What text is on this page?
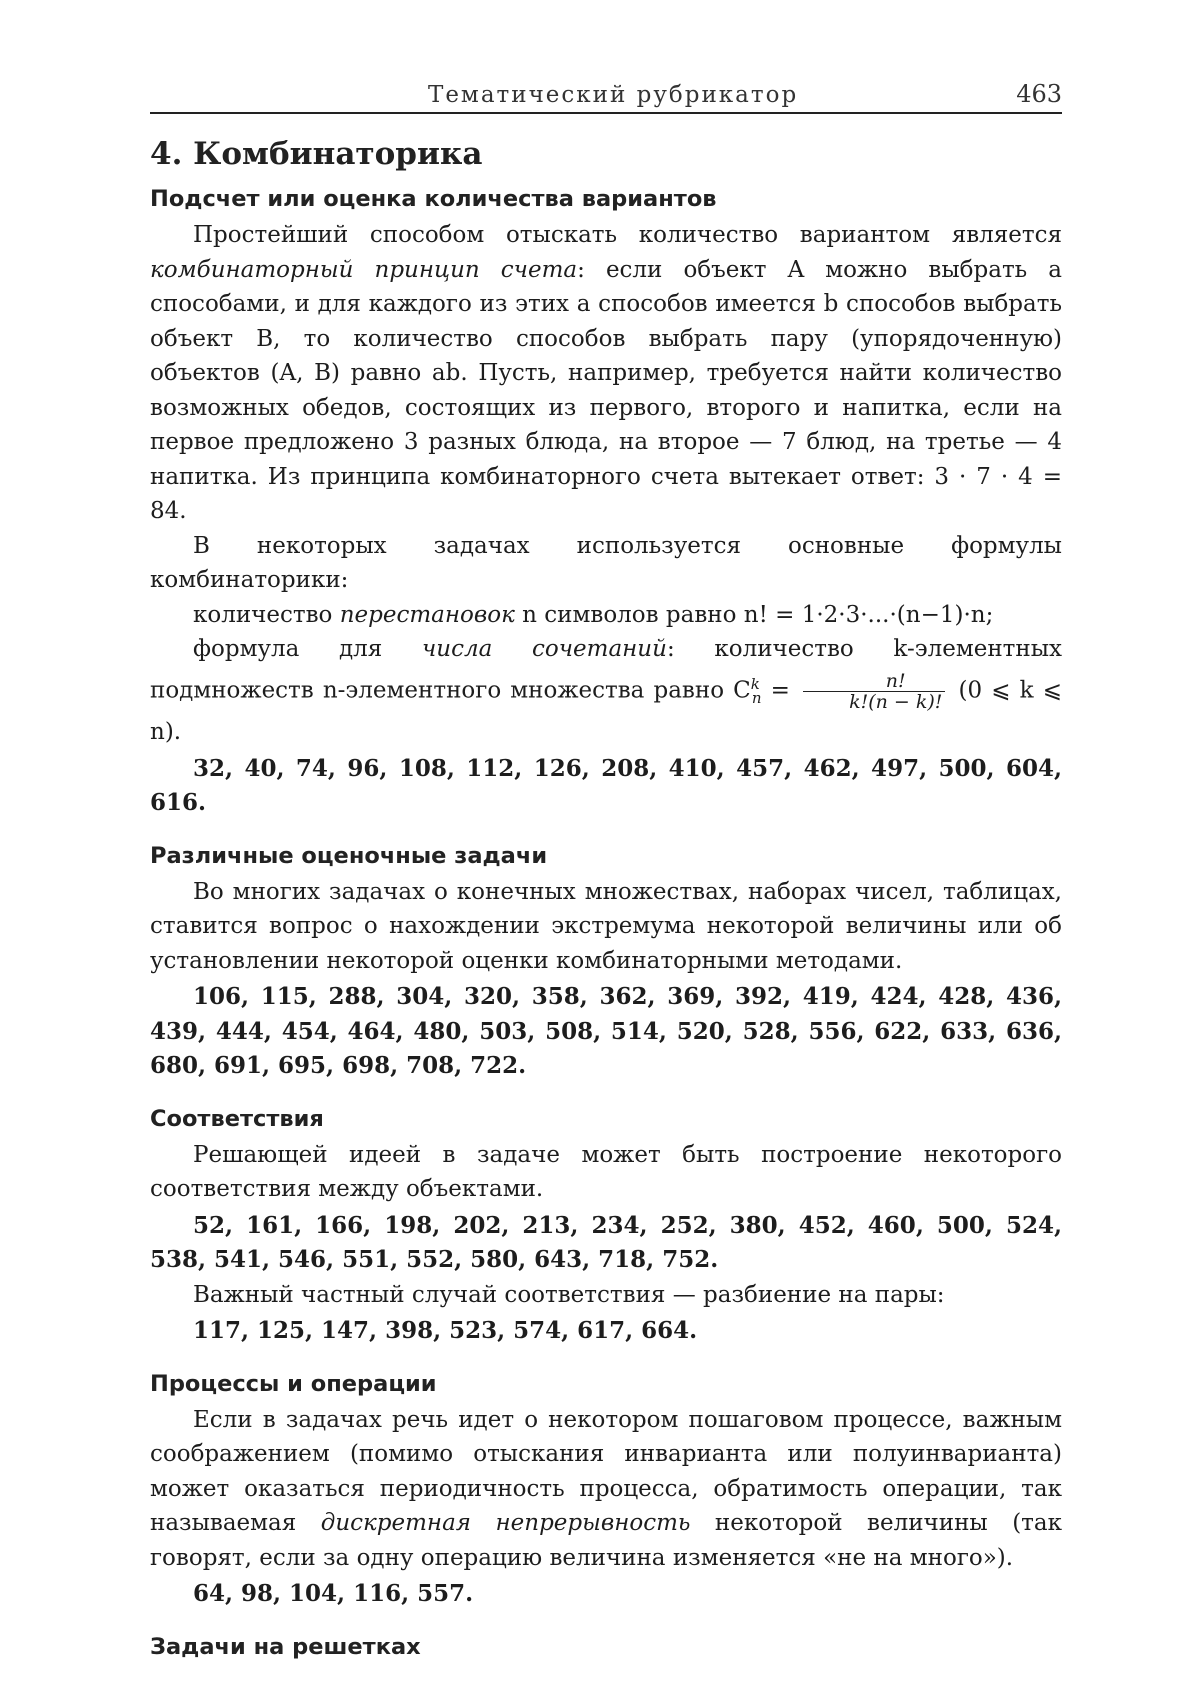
Тематический рубрикатор	463
4. Комбинаторика
Подсчет или оценка количества вариантов

Простейший способом отыскать количество вариантом является комбинаторный принцип счета: если объект A можно выбрать a способами, и для каждого из этих a способов имеется b способов выбрать объект B, то количество способов выбрать пару (упорядоченную) объектов (A, B) равно ab. Пусть, например, требуется найти количество возможных обедов, состоящих из первого, второго и напитка, если на первое предложено 3 разных блюда, на второе — 7 блюд, на третье — 4 напитка. Из принципа комбинаторного счета вытекает ответ: 3 · 7 · 4 = 84.

В некоторых задачах используется основные формулы комбинаторики:

количество перестановок n символов равно n! = 1·2·3·...·(n−1)·n;

формула для числа сочетаний: количество k-элементных подмножеств n-элементного множества равно $C^k_n = \frac{n!}{k!(n - k)!} (0$ ⩽ k ⩽ n).

32, 40, 74, 96, 108, 112, 126, 208, 410, 457, 462, 497, 500, 604, 616.

Различные оценочные задачи

Во многих задачах о конечных множествах, наборах чисел, таблицах, ставится вопрос о нахождении экстремума некоторой величины или об установлении некоторой оценки комбинаторными методами.

106, 115, 288, 304, 320, 358, 362, 369, 392, 419, 424, 428, 436, 439, 444, 454, 464, 480, 503, 508, 514, 520, 528, 556, 622, 633, 636, 680, 691, 695, 698, 708, 722.

Соответствия

Решающей идеей в задаче может быть построение некоторого соответствия между объектами.

52, 161, 166, 198, 202, 213, 234, 252, 380, 452, 460, 500, 524, 538, 541, 546, 551, 552, 580, 643, 718, 752.

Важный частный случай соответствия — разбиение на пары:

117, 125, 147, 398, 523, 574, 617, 664.

Процессы и операции

Если в задачах речь идет о некотором пошаговом процессе, важным соображением (помимо отыскания инварианта или полуинварианта) может оказаться периодичность процесса, обратимость операции, так называемая дискретная непрерывность некоторой величины (так говорят, если за одну операцию величина изменяется «не на много»).

64, 98, 104, 116, 557.

Задачи на решетках
